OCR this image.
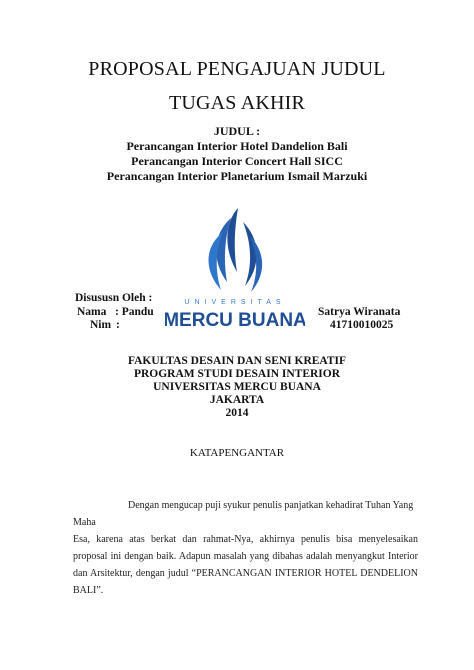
PROPOSAL PENGAJUAN JUDUL
TUGAS AKHIR
JUDUL :
Perancangan Interior Hotel Dandelion Bali
Perancangan Interior Concert Hall SICC
Perancangan Interior Planetarium Ismail Marzuki
UNIVERSITAS
MERCU BUANA
Disususn Oleh :
Nama : Pandu
Nim :
Satrya Wiranata
41710010025
FAKULTAS DESAIN DAN SENI KREATIF
PROGRAM STUDI DESAIN INTERIOR
UNIVERSITAS MERCU BUANA
JAKARTA
2014
KATAPENGANTAR
Dengan mengucap puji syukur penulis panjatkan kehadirat Tuhan Yang Maha
Esa, karena atas berkat dan rahmat-Nya, akhirnya penulis bisa menyelesaikan
proposal ini dengan baik. Adapun masalah yang dibahas adalah menyangkut Interior
dan Arsitektur, dengan judul “PERANCANGAN INTERIOR HOTEL DENDELION
BALI”.
